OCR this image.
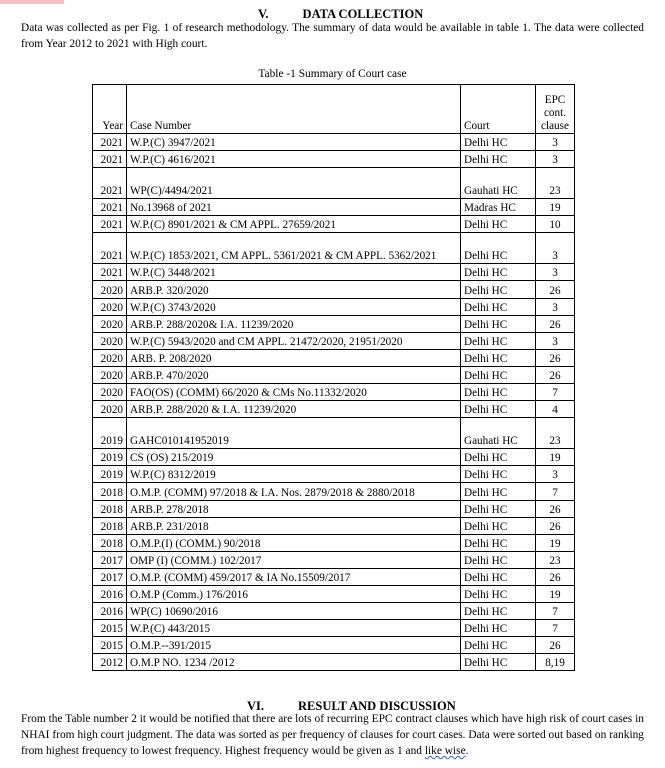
V.	DATA COLLECTION
Data was collected as per Fig. 1 of research methodology. The summary of data would be available in table 1. The data were collected from Year 2012 to 2021 with High court.
Table -1 Summary of Court case
Year	Case Number	Court	EPC cont. clause
2021	W.P.(C) 3947/2021	Delhi HC	3
2021	W.P.(C) 4616/2021	Delhi HC	3
2021	WP(C)/4494/2021	Gauhati HC	23
2021	No.13968 of 2021	Madras HC	19
2021	W.P.(C) 8901/2021 & CM APPL. 27659/2021	Delhi HC	10
2021	W.P.(C) 1853/2021, CM APPL. 5361/2021 & CM APPL. 5362/2021	Delhi HC	3
2021	W.P.(C) 3448/2021	Delhi HC	3
2020	ARB.P. 320/2020	Delhi HC	26
2020	W.P.(C) 3743/2020	Delhi HC	3
2020	ARB.P. 288/2020& I.A. 11239/2020	Delhi HC	26
2020	W.P.(C) 5943/2020 and CM APPL. 21472/2020, 21951/2020	Delhi HC	3
2020	ARB. P. 208/2020	Delhi HC	26
2020	ARB.P. 470/2020	Delhi HC	26
2020	FAO(OS) (COMM) 66/2020 & CMs No.11332/2020	Delhi HC	7
2020	ARB.P. 288/2020 & I.A. 11239/2020	Delhi HC	4
2019	GAHC010141952019	Gauhati HC	23
2019	CS (OS) 215/2019	Delhi HC	19
2019	W.P.(C) 8312/2019	Delhi HC	3
2018	O.M.P. (COMM) 97/2018 & I.A. Nos. 2879/2018 & 2880/2018	Delhi HC	7
2018	ARB.P. 278/2018	Delhi HC	26
2018	ARB.P. 231/2018	Delhi HC	26
2018	O.M.P.(I) (COMM.) 90/2018	Delhi HC	19
2017	OMP (I) (COMM.) 102/2017	Delhi HC	23
2017	O.M.P. (COMM) 459/2017 & IA No.15509/2017	Delhi HC	26
2016	O.M.P (Comm.) 176/2016	Delhi HC	19
2016	WP(C) 10690/2016	Delhi HC	7
2015	W.P.(C) 443/2015	Delhi HC	7
2015	O.M.P.--391/2015	Delhi HC	26
2012	O.M.P NO. 1234 /2012	Delhi HC	8,19
VI.	RESULT AND DISCUSSION
From the Table number 2 it would be notified that there are lots of recurring EPC contract clauses which have high risk of court cases in NHAI from high court judgment. The data was sorted as per frequency of clauses for court cases. Data were sorted out based on ranking from highest frequency to lowest frequency. Highest frequency would be given as 1 and like wise.
